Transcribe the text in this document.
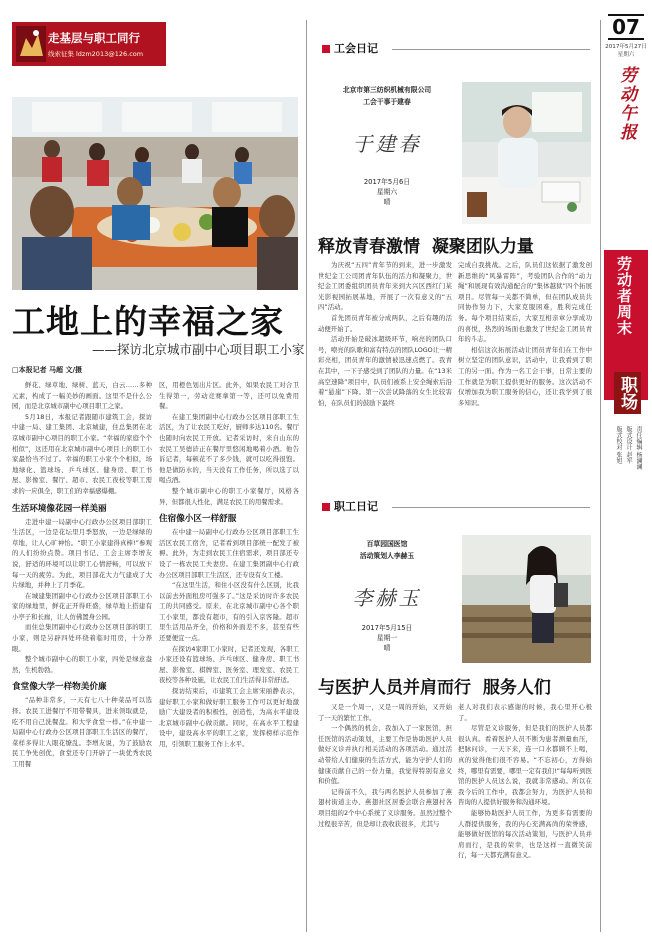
走基层与职工同行
线索征集 ldzm2013@126.com
工地上的幸福之家
——探访北京城市副中心项目职工小家
□本报记者 马超 文/摄

鲜花、绿草地、绿树、蓝天，白云……多种元素，构成了一幅美妙的画面。这里不是什么公园，而是北京城市副中心项目职工之家。

5月18日，本报记者跟随市建筑工会，探访中建一局、建工集团、北京城建，住总集团在北京城市副中心项目的职工小家。“幸福的家庭个个相似”，这还用在北京城市副中心项目上的职工小家最恰当不过了。幸福的职工小家个个相似，场地绿化、篮球场、乒乓球区、健身房、职工书屋、影像室、餐厅、超市、农民工夜校等职工需求的一应俱全，职工们的幸福感爆棚。

生活环境像花园一样美丽

走进中建一局副中心行政办公区项目部职工生活区，一边是花坛里月季怒放，一边是绿绿的草地，让人心旷神怡。“职工小家建得真棒!”参观的人们纷纷点赞。项目书记、工会主席李增友说，舒适的环境可以让职工心情舒畅，可以放下每一天的疲劳。为此，项目部花大力气建成了大片绿地，并种上了月季花。

在城建集团副中心行政办公区项目部职工小家的绿地里，鲜花正开得旺盛，绿草地上搭建有小亭子和长廊，让人仿佛置身公园。

而住总集团副中心行政办公区项目部的职工小家，则是另辟四处环绕着临时用房，十分养眼。

整个城市副中心的职工小家，四处是绿意盎然，生机勃勃。

食堂像大学一样物美价廉

“品种非常多，一天有七八十种菜品可以选择。农民工进餐厅不用带餐具，进来领取就是，吃不用自己洗餐盘。和大学食堂一样。”在中建一局副中心行政办公区项目部职工生活区的餐厅，菜样多得让人眼花缭乱。李增友说，为了鼓励农民工争先创优，食堂还专门开辟了一块优秀农民工用餐

区，用橙色划出片区。此外，如果农民工对合卫生得第一，劳动竞赛拿第一等，还可以免费用餐。

在建工集团副中心行政办公区项目部职工生活区，为了让农民工吃好，厨师多达110名。餐厅也随时向农民工开放。记者采访时，来自山东的农民工吴德浒正在餐厅里悠闲地喝着小酒。他告诉记者，每顿花不了多少钱，就可以吃得很饱。他是做防水的，当天没有工作任务，所以选了以喝点酒。

整个城市副中心的职工小家餐厅，风格各异，但都很人性化，满足农民工的用餐需求。

住宿像小区一样舒服

在中建一局副中心行政办公区项目部职工生活区农民工宿舍，记者看到项目部统一配发了被褥。此外，为走到农民工住宿需求，项目部还专设了一栋农民工夫妻房。在建工集团副中心行政办公区项目部职工生活区，还专设有女工楼。

“在这里生活，和住小区没有什么区别，比我以前去外面租房可强多了。”这是采访时许多农民工的共同感受。原来，在北京城市副中心各个职工小家里，都没有超市，有的引入京客隆。超市里生活用品齐全，价格和外面差不多，甚至有些还要便宜一点。

在探访4家职工小家时，记者还发现，各职工小家还设有篮球场、乒乓球区、健身房、职工书屋、影像室、棋牌室、医务室、理发室、农民工夜校等各种设施，让农民工们生活得非常舒适。

探访结束后，市建筑工会主席宋丽静表示，建好职工小家和做好职工服务工作可以更好地激励广大建设者的积极性，创造性，为高水平建设北京城市副中心做贡献。同时，在高水平工程建设中，建设高水平的职工之家，发挥榜样示范作用，引领职工服务工作上水平。

工会日记
北京市第三纺织机械有限公司
工会干事于建春
于建春
2017年5月6日
星期六
晴
释放青春激情  凝聚团队力量

为庆祝“五四”青年节的到来，进一步激发世纪金工公司团青年队伍的活力和凝聚力，世纪金工团委组织团员青年来到大兴区西红门某光影视园拓展基地，开展了一次有意义的“五四”活动。

首先团员青年被分成两队，之后有趣的活动便开始了。

活动开始是破冰超级环节，响亮的团队口号，嘹亮的队歌和富有特点的团队LOGO让一精彩亮相，团员青年的激情被迅速点燃了。我青在其中，一下子感受到了团队的力量。在“13米高空速降”项目中，队员们被系上安全绳索后沿着“悬崖”下降。第一次尝试降落的女生比较害怕，在队员们的鼓励下最终

完成自我挑战。之后，队员们这依据了激发创新思维的“风暴雷阵”，考验团队合作的“动力绳”和展现有效沟通配合的“集体越狱”四个拓展项目。尽管每一关都不简单，但在团队成员共同协作努力下，大家克服困难，胜利完成任务。每个项目结束后，大家互相亲章分享成功的喜悦，热烈的场面也激发了世纪金工团员青年的斗志。

相信这次拓展活动让团员青年们在工作中树立坚定的团队意识，活动中，让我看到了职工的另一面。作为一名工会干事，日常主要的工作就是为职工提供更好的服务。这次活动不仅增加我为职工服务的信心，还让我学到了很多知识。

职工日记
百草园国医馆
活动策划人李赫玉
李赫玉
2017年5月15日
星期一
晴
与医护人员并肩而行  服务人们

又是一个周一，又是一周的开始，又开始了一天的繁忙工作。

一个偶然的机会，我加入了一家医馆，担任医馆的活动策划，主要工作是协助医护人员做好义诊并执行相关活动的各项活动。通过活动带给人们健康的生活方式，能为守护人们的健康贡献自己的一份力量，我觉得特别有意义和价值。

记得前不久，我与两名医护人员参加了燕翅村街道主办、燕翅社区居委会联合燕翅村各项目组的2个中心系统了义诊服务。虽然过整个过程很辛苦，但是却让我收获很多，尤其与

老人对我们表示感谢的时候，我心里开心极了。

尽管是义诊服务，但是我们的医护人员都很认真。看着医护人员不断为患者测量血压，把脉问诊，一天下来，连一口水都顾不上喝，真的觉得他们很不容易。“不忘初心，方得始终，哪里有需要，哪里一定有我们!”每每听到医馆的医护人员这么说，我就非常感动。所以在我今后的工作中，我都会努力，为医护人员和咨询的人提供好服务和沟通环境。

能够协助医护人员工作，为更多有需要的人群提供服务，我的内心充满高尚的荣誉感，能够做好医馆的每次活动策划，与医护人员并肩而行，是我的荣幸，也是这样一直微笑前行，每一天都充满有意义。

07
2017年5月27日
星期六
劳动午报
劳动者周末
职场
责任编辑 杨澜澜
版式设计 赵军
版式校对 张旭
